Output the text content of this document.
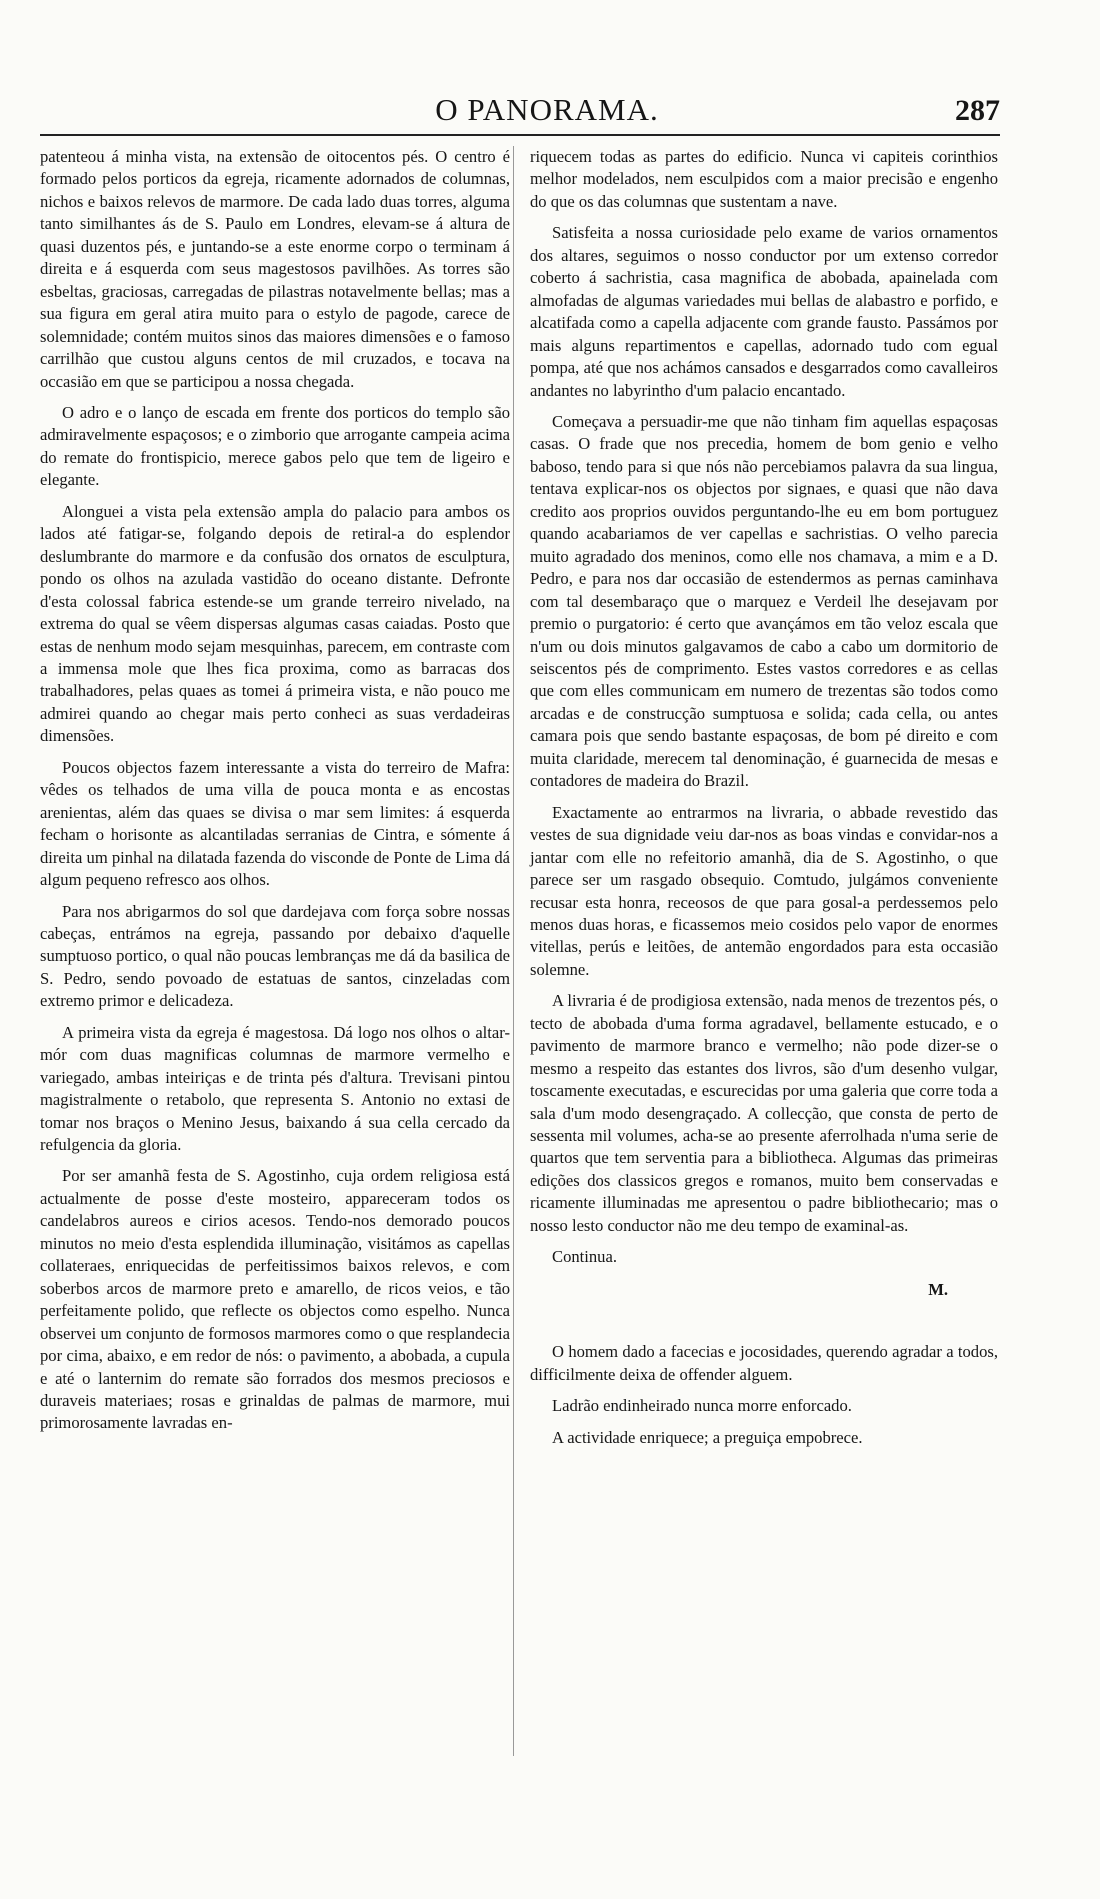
O PANORAMA.	287

patenteou á minha vista, na extensão de oitocentos pés. O centro é formado pelos porticos da egreja, ricamente adornados de columnas, nichos e baixos relevos de marmore. De cada lado duas torres, alguma tanto similhantes ás de S. Paulo em Londres, elevam-se á altura de quasi duzentos pés, e juntando-se a este enorme corpo o terminam á direita e á esquerda com seus magestosos pavilhões. As torres são esbeltas, graciosas, carregadas de pilastras notavelmente bellas; mas a sua figura em geral atira muito para o estylo de pagode, carece de solemnidade; contém muitos sinos das maiores dimensões e o famoso carrilhão que custou alguns centos de mil cruzados, e tocava na occasião em que se participou a nossa chegada.

O adro e o lanço de escada em frente dos porticos do templo são admiravelmente espaçosos; e o zimborio que arrogante campeia acima do remate do frontispicio, merece gabos pelo que tem de ligeiro e elegante.

Alonguei a vista pela extensão ampla do palacio para ambos os lados até fatigar-se, folgando depois de retiral-a do esplendor deslumbrante do marmore e da confusão dos ornatos de esculptura, pondo os olhos na azulada vastidão do oceano distante. Defronte d'esta colossal fabrica estende-se um grande terreiro nivelado, na extrema do qual se vêem dispersas algumas casas caiadas. Posto que estas de nenhum modo sejam mesquinhas, parecem, em contraste com a immensa mole que lhes fica proxima, como as barracas dos trabalhadores, pelas quaes as tomei á primeira vista, e não pouco me admirei quando ao chegar mais perto conheci as suas verdadeiras dimensões.

Poucos objectos fazem interessante a vista do terreiro de Mafra: vêdes os telhados de uma villa de pouca monta e as encostas arenientas, além das quaes se divisa o mar sem limites: á esquerda fecham o horisonte as alcantiladas serranias de Cintra, e sómente á direita um pinhal na dilatada fazenda do visconde de Ponte de Lima dá algum pequeno refresco aos olhos.

Para nos abrigarmos do sol que dardejava com força sobre nossas cabeças, entrámos na egreja, passando por debaixo d'aquelle sumptuoso portico, o qual não poucas lembranças me dá da basilica de S. Pedro, sendo povoado de estatuas de santos, cinzeladas com extremo primor e delicadeza.

A primeira vista da egreja é magestosa. Dá logo nos olhos o altar-mór com duas magnificas columnas de marmore vermelho e variegado, ambas inteiriças e de trinta pés d'altura. Trevisani pintou magistralmente o retabolo, que representa S. Antonio no extasi de tomar nos braços o Menino Jesus, baixando á sua cella cercado da refulgencia da gloria.

Por ser amanhã festa de S. Agostinho, cuja ordem religiosa está actualmente de posse d'este mosteiro, appareceram todos os candelabros aureos e cirios acesos. Tendo-nos demorado poucos minutos no meio d'esta esplendida illuminação, visitámos as capellas collateraes, enriquecidas de perfeitissimos baixos relevos, e com soberbos arcos de marmore preto e amarello, de ricos veios, e tão perfeitamente polido, que reflecte os objectos como espelho. Nunca observei um conjunto de formosos marmores como o que resplandecia por cima, abaixo, e em redor de nós: o pavimento, a abobada, a cupula e até o lanternim do remate são forrados dos mesmos preciosos e duraveis materiaes; rosas e grinaldas de palmas de marmore, mui primorosamente lavradas en-

riquecem todas as partes do edificio. Nunca vi capiteis corinthios melhor modelados, nem esculpidos com a maior precisão e engenho do que os das columnas que sustentam a nave.

Satisfeita a nossa curiosidade pelo exame de varios ornamentos dos altares, seguimos o nosso conductor por um extenso corredor coberto á sachristia, casa magnifica de abobada, apainelada com almofadas de algumas variedades mui bellas de alabastro e porfido, e alcatifada como a capella adjacente com grande fausto. Passámos por mais alguns repartimentos e capellas, adornado tudo com egual pompa, até que nos achámos cansados e desgarrados como cavalleiros andantes no labyrintho d'um palacio encantado.

Começava a persuadir-me que não tinham fim aquellas espaçosas casas. O frade que nos precedia, homem de bom genio e velho baboso, tendo para si que nós não percebiamos palavra da sua lingua, tentava explicar-nos os objectos por signaes, e quasi que não dava credito aos proprios ouvidos perguntando-lhe eu em bom portuguez quando acabariamos de ver capellas e sachristias. O velho parecia muito agradado dos meninos, como elle nos chamava, a mim e a D. Pedro, e para nos dar occasião de estendermos as pernas caminhava com tal desembaraço que o marquez e Verdeil lhe desejavam por premio o purgatorio: é certo que avançámos em tão veloz escala que n'um ou dois minutos galgavamos de cabo a cabo um dormitorio de seiscentos pés de comprimento. Estes vastos corredores e as cellas que com elles communicam em numero de trezentas são todos como arcadas e de construcção sumptuosa e solida; cada cella, ou antes camara pois que sendo bastante espaçosas, de bom pé direito e com muita claridade, merecem tal denominação, é guarnecida de mesas e contadores de madeira do Brazil.

Exactamente ao entrarmos na livraria, o abbade revestido das vestes de sua dignidade veiu dar-nos as boas vindas e convidar-nos a jantar com elle no refeitorio amanhã, dia de S. Agostinho, o que parece ser um rasgado obsequio. Comtudo, julgámos conveniente recusar esta honra, receosos de que para gosal-a perdessemos pelo menos duas horas, e ficassemos meio cosidos pelo vapor de enormes vitellas, perús e leitões, de antemão engordados para esta occasião solemne.

A livraria é de prodigiosa extensão, nada menos de trezentos pés, o tecto de abobada d'uma forma agradavel, bellamente estucado, e o pavimento de marmore branco e vermelho; não pode dizer-se o mesmo a respeito das estantes dos livros, são d'um desenho vulgar, toscamente executadas, e escurecidas por uma galeria que corre toda a sala d'um modo desengraçado. A collecção, que consta de perto de sessenta mil volumes, acha-se ao presente aferrolhada n'uma serie de quartos que tem serventia para a bibliotheca. Algumas das primeiras edições dos classicos gregos e romanos, muito bem conservadas e ricamente illuminadas me apresentou o padre bibliothecario; mas o nosso lesto conductor não me deu tempo de examinal-as.

Continua.

M.

O homem dado a facecias e jocosidades, querendo agradar a todos, difficilmente deixa de offender alguem.

Ladrão endinheirado nunca morre enforcado.

A actividade enriquece; a preguiça empobrece.
